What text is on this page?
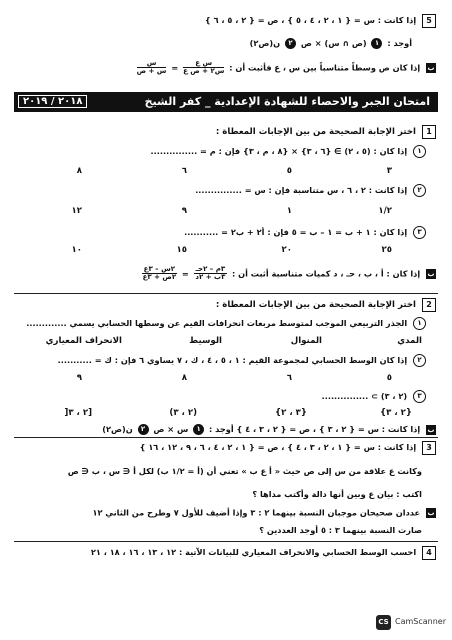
5 إذا كانت : س = { ١ ، ٢ ، ٤ ، ٥ } ، ص = { ٢ ، ٥ ، ٦ }
أوجد : ١ (ص ∩ س) × ص ٢ ن(ص٢)
ب إذا كان ص وسطاً متناسباً بين س ، ع فأثبت أن :
$\frac{\text{س ع}}{\text{س٢ + ص ع}}$
=
$\frac{\text{س}}{\text{س + ص}}$
امتحان الجبر والاحصاء للشهادة الإعدادية _ كفر الشيخ
٢٠١٨ / ٢٠١٩
1 اختر الإجابة الصحيحة من بين الإجابات المعطاة :
١ إذا كان : (٥ ، ٢) ∋ {٦ ، ٣} × {٨ ، م ، ٣} فإن : م = ...............
٣
٥
٦
٨
٢ إذا كانت : ٢ ، ٦ ، س متناسبة فإن : س = ...............
١/٢
١
٩
١٢
٣ إذا كان : ١ + ب = ١ – ب = ٥ فإن : أ٢ + ب٢ = ...........
٢٥
٢٠
١٥
١٠
ب إذا كان : أ ، ب ، حـ ، د كميات متناسبة أثبت أن :
$\frac{\text{٣م – ٢حـ}}{\text{٣ب + ٢د}}$
=
$\frac{\text{٢س – ٣ع}}{\text{٢ص + ٣ع}}$
2 اختر الإجابة الصحيحة من بين الإجابات المعطاة :
١ الجذر التربيعي الموجب لمتوسط مربعات انحرافات القيم عن وسطها الحسابي يسمي .............
المدي
المنوال
الوسيط
الانحراف المعياري
٢ إذا كان الوسط الحسابي لمجموعة القيم : ١ ، ٥ ، ٤ ، ك ، ٧ يساوي ٦ فإن : ك = ...........
٥
٦
٨
٩
٣ (٢ ، ٣) ⊃ ...............
{٢ ، ٣}
{٣ ، ٢}
(٢ ، ٣)
[٢ ، ٣[
ب إذا كانت : س = { ٢ ، ٣ } ، ص = { ٢ ، ٣ ، ٤ } أوجد : ١ س × ص ٢ ن(ص٢)
3 إذا كانت : س = { ١ ، ٢ ، ٣ ، ٤ } ، ص = { ١ ، ٢ ، ٤ ، ٦ ، ٩ ، ١٢ ، ١٦ }
وكانت ع علاقة من س إلى ص حيث « أ ع ب » تعني أن (أ = ١/٢ ب) لكل أ ∈ س ، ب ∈ ص
اكتب : بيان ع وبين أنها دالة وأكتب مداها ؟
ب عددان صحيحان موجبان النسبة بينهما ٢ : ٣ وإذا أضيف للأول ٧ وطرح من الثاني ١٢
صارت النسبة بينهما ٣ : ٥ أوجد العددين ؟
4 احسب الوسط الحسابي والانحراف المعياري للبيانات الآتية : ١٢ ، ١٣ ، ١٦ ، ١٨ ، ٢١
CS CamScanner
